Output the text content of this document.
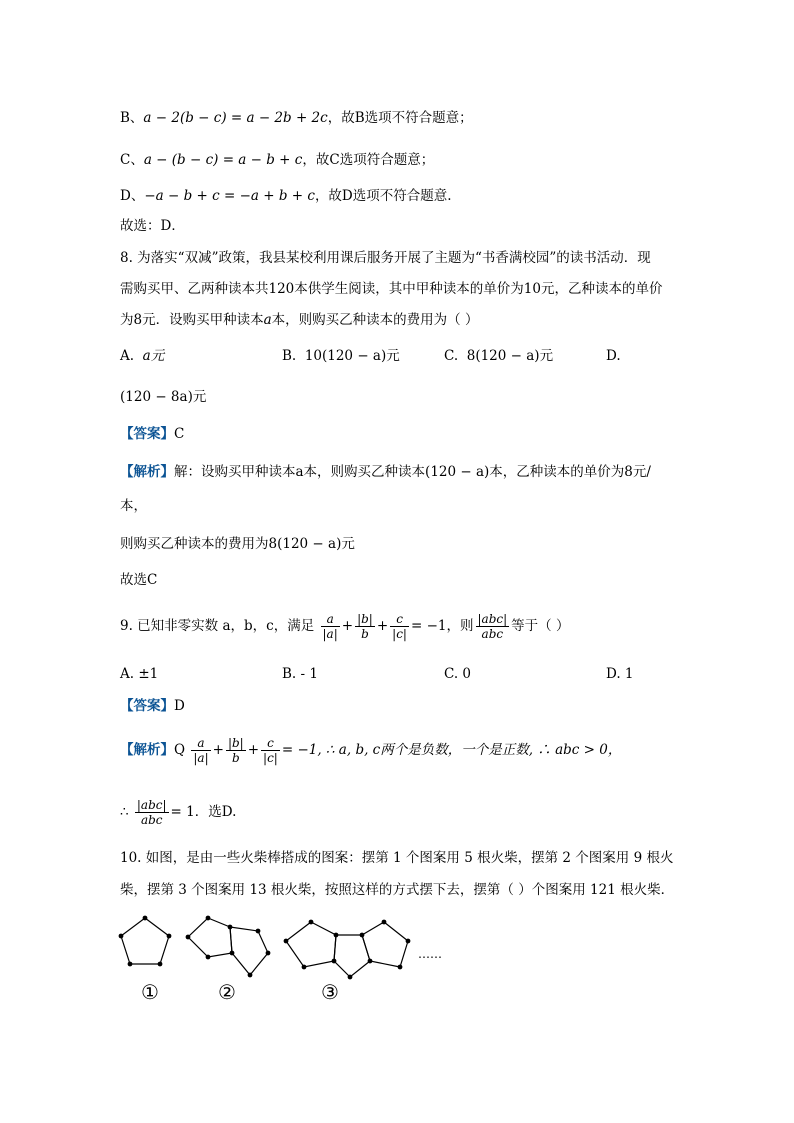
B、a − 2(b − c) = a − 2b + 2c，故B选项不符合题意；
C、a − (b − c) = a − b + c，故C选项符合题意；
D、−a − b + c = −a + b + c，故D选项不符合题意.
故选：D．
8. 为落实“双减”政策，我县某校利用课后服务开展了主题为“书香满校园”的读书活动．现
需购买甲、乙两种读本共120本供学生阅读，其中甲种读本的单价为10元，乙种读本的单价
为8元．设购买甲种读本a本，则购买乙种读本的费用为（ ）
A. a元	B. 10(120 − a)元	C. 8(120 − a)元	D.
(120 − 8a)元
【答案】C
【解析】解：设购买甲种读本a本，则购买乙种读本(120 − a)本，乙种读本的单价为8元/
本，
则购买乙种读本的费用为8(120 − a)元
故选C
9. 已知非零实数 a，b，c，满足 $\frac{a}{|a|} + \frac{|b|}{b} + \frac{c}{|c|} = -1$，则 $\frac{\text{|abc|}}{\text{abc}}$ 等于（ ）
A. ±1	B. - 1	C. 0	D. 1
【答案】D
【解析】Q $\frac{a}{|a|} + \frac{|b|}{b} + \frac{c}{|c|} = -1$, ∴ a, b, c两个是负数，一个是正数, ∴ abc > 0，
∴ $\frac{\text{|abc|}}{\text{abc}} = 1$．选D.
10. 如图，是由一些火柴棒搭成的图案：摆第 1 个图案用 5 根火柴，摆第 2 个图案用 9 根火
柴，摆第 3 个图案用 13 根火柴，按照这样的方式摆下去，摆第（ ）个图案用 121 根火柴．
……
①	②	③
